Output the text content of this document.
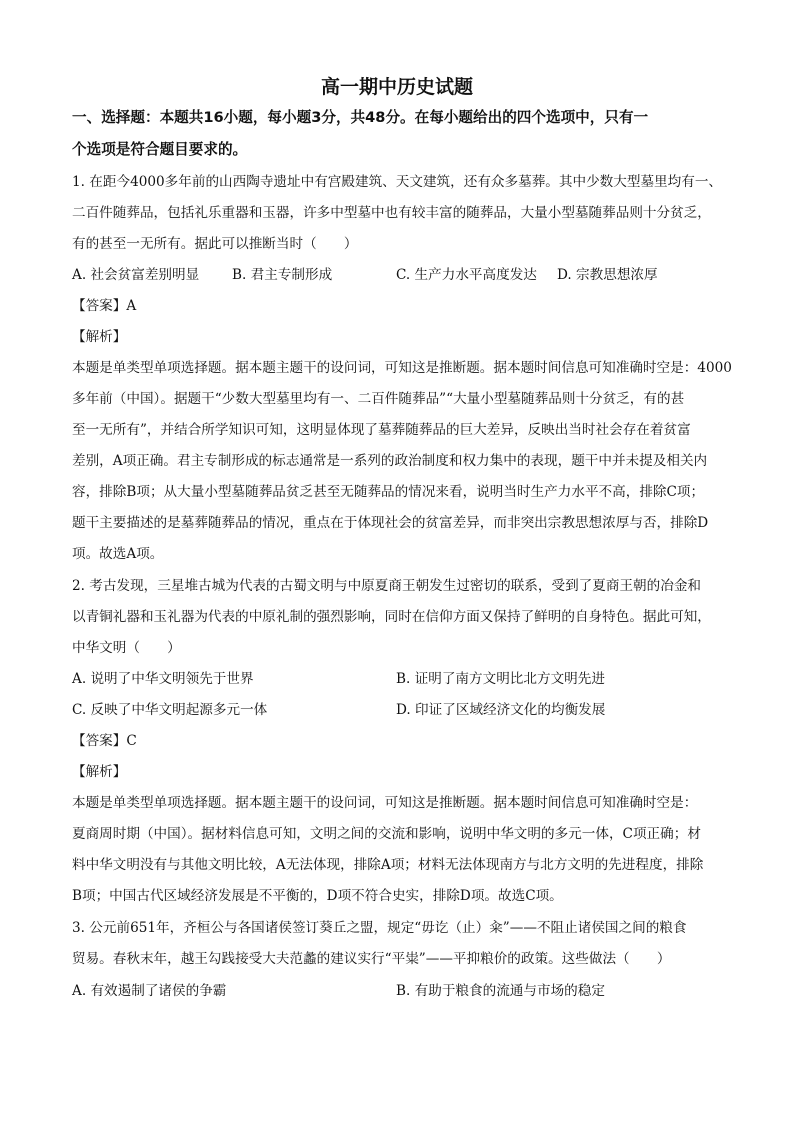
高一期中历史试题
一、选择题：本题共16小题，每小题3分，共48分。在每小题给出的四个选项中，只有一
个选项是符合题目要求的。
1. 在距今4000多年前的山西陶寺遗址中有宫殿建筑、天文建筑，还有众多墓葬。其中少数大型墓里均有一、
二百件随葬品，包括礼乐重器和玉器，许多中型墓中也有较丰富的随葬品，大量小型墓随葬品则十分贫乏，
有的甚至一无所有。据此可以推断当时（　　）
A. 社会贫富差别明显 B. 君主专制形成	C. 生产力水平高度发达 D. 宗教思想浓厚
【答案】A
【解析】
本题是单类型单项选择题。据本题主题干的设问词，可知这是推断题。据本题时间信息可知准确时空是：4000
多年前（中国）。据题干“少数大型墓里均有一、二百件随葬品”“大量小型墓随葬品则十分贫乏，有的甚
至一无所有”，并结合所学知识可知，这明显体现了墓葬随葬品的巨大差异，反映出当时社会存在着贫富
差别，A项正确。君主专制形成的标志通常是一系列的政治制度和权力集中的表现，题干中并未提及相关内
容，排除B项；从大量小型墓随葬品贫乏甚至无随葬品的情况来看，说明当时生产力水平不高，排除C项；
题干主要描述的是墓葬随葬品的情况，重点在于体现社会的贫富差异，而非突出宗教思想浓厚与否，排除D
项。故选A项。
2. 考古发现，三星堆古城为代表的古蜀文明与中原夏商王朝发生过密切的联系，受到了夏商王朝的冶金和
以青铜礼器和玉礼器为代表的中原礼制的强烈影响，同时在信仰方面又保持了鲜明的自身特色。据此可知，
中华文明（　　）
A. 说明了中华文明领先于世界	B. 证明了南方文明比北方文明先进
C. 反映了中华文明起源多元一体	D. 印证了区域经济文化的均衡发展
【答案】C
【解析】
本题是单类型单项选择题。据本题主题干的设问词，可知这是推断题。据本题时间信息可知准确时空是：
夏商周时期（中国）。据材料信息可知，文明之间的交流和影响，说明中华文明的多元一体，C项正确；材
料中华文明没有与其他文明比较，A无法体现，排除A项；材料无法体现南方与北方文明的先进程度，排除
B项；中国古代区域经济发展是不平衡的，D项不符合史实，排除D项。故选C项。
3. 公元前651年，齐桓公与各国诸侯签订葵丘之盟，规定“毋讫（止）籴”——不阻止诸侯国之间的粮食
贸易。春秋末年，越王勾践接受大夫范蠡的建议实行“平粜”——平抑粮价的政策。这些做法（　　）
A. 有效遏制了诸侯的争霸	B. 有助于粮食的流通与市场的稳定
